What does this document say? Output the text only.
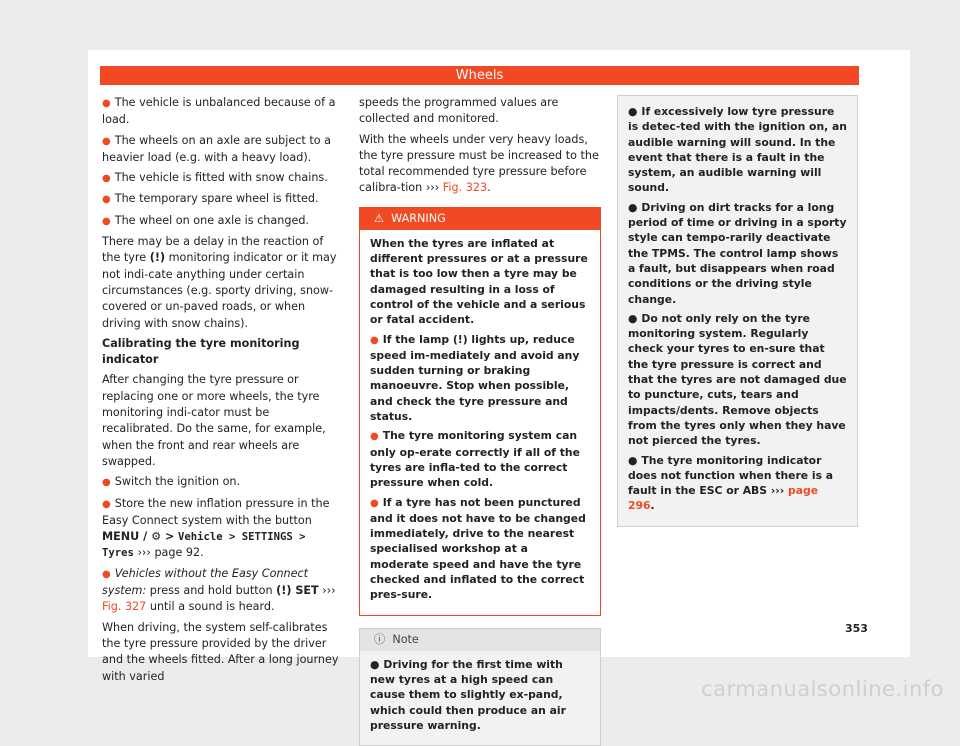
Wheels
● The vehicle is unbalanced because of a load.
● The wheels on an axle are subject to a heavier load (e.g. with a heavy load).
● The vehicle is fitted with snow chains.
● The temporary spare wheel is fitted.
● The wheel on one axle is changed.

There may be a delay in the reaction of the tyre (!) monitoring indicator or it may not indi-cate anything under certain circumstances (e.g. sporty driving, snow-covered or un-paved roads, or when driving with snow chains).

Calibrating the tyre monitoring indicator

After changing the tyre pressure or replacing one or more wheels, the tyre monitoring indi-cator must be recalibrated. Do the same, for example, when the front and rear wheels are swapped.

● Switch the ignition on.
● Store the new inflation pressure in the Easy Connect system with the button MENU / ⚙ > Vehicle > SETTINGS > Tyres ››› page 92.
● Vehicles without the Easy Connect system: press and hold button (!) SET ››› Fig. 327 until a sound is heard.

When driving, the system self-calibrates the tyre pressure provided by the driver and the wheels fitted. After a long journey with varied

speeds the programmed values are collected and monitored.

With the wheels under very heavy loads, the tyre pressure must be increased to the total recommended tyre pressure before calibra-tion ››› Fig. 323.

⚠ WARNING

When the tyres are inflated at different pressures or at a pressure that is too low then a tyre may be damaged resulting in a loss of control of the vehicle and a serious or fatal accident.

● If the lamp (!) lights up, reduce speed im-mediately and avoid any sudden turning or braking manoeuvre. Stop when possible, and check the tyre pressure and status.
● The tyre monitoring system can only op-erate correctly if all of the tyres are infla-ted to the correct pressure when cold.
● If a tyre has not been punctured and it does not have to be changed immediately, drive to the nearest specialised workshop at a moderate speed and have the tyre checked and inflated to the correct pres-sure.
ⓘ Note
● Driving for the first time with new tyres at a high speed can cause them to slightly ex-pand, which could then produce an air pressure warning.
● If excessively low tyre pressure is detec-ted with the ignition on, an audible warning will sound. In the event that there is a fault in the system, an audible warning will sound.
● Driving on dirt tracks for a long period of time or driving in a sporty style can tempo-rarily deactivate the TPMS. The control lamp shows a fault, but disappears when road conditions or the driving style change.
● Do not only rely on the tyre monitoring system. Regularly check your tyres to en-sure that the tyre pressure is correct and that the tyres are not damaged due to puncture, cuts, tears and impacts/dents. Remove objects from the tyres only when they have not pierced the tyres.
● The tyre monitoring indicator does not function when there is a fault in the ESC or ABS ››› page 296.
353
carmanualsonline.info
